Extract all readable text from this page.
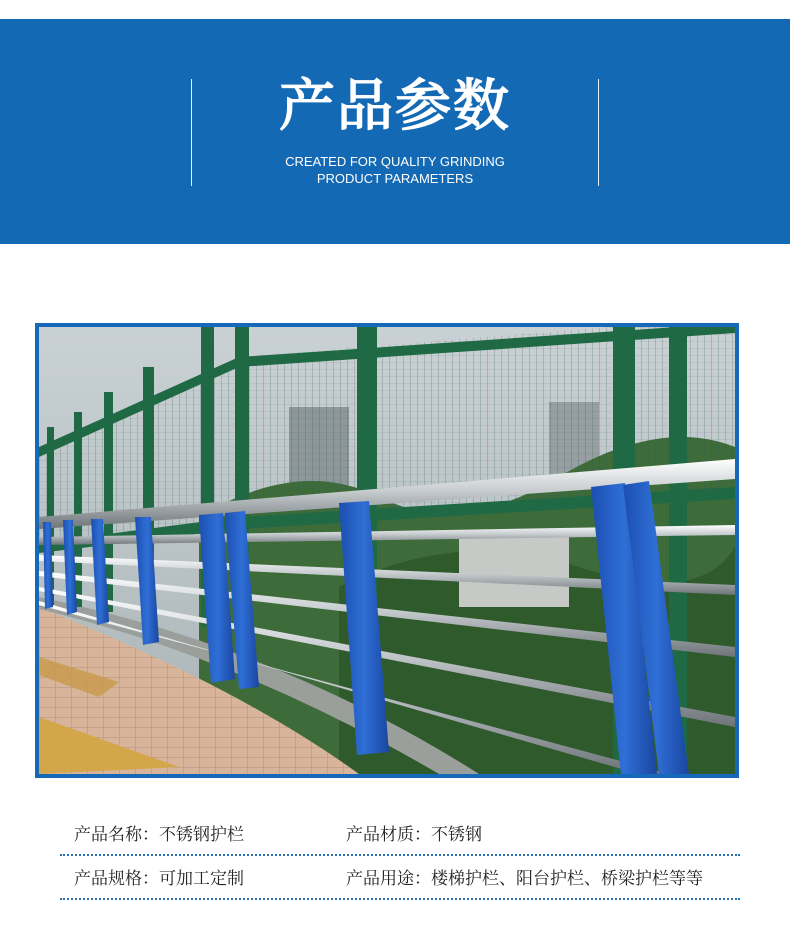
产品参数
CREATED FOR QUALITY GRINDING
PRODUCT PARAMETERS
产品名称：不锈钢护栏	产品材质：不锈钢
产品规格：可加工定制	产品用途：楼梯护栏、阳台护栏、桥梁护栏等等
